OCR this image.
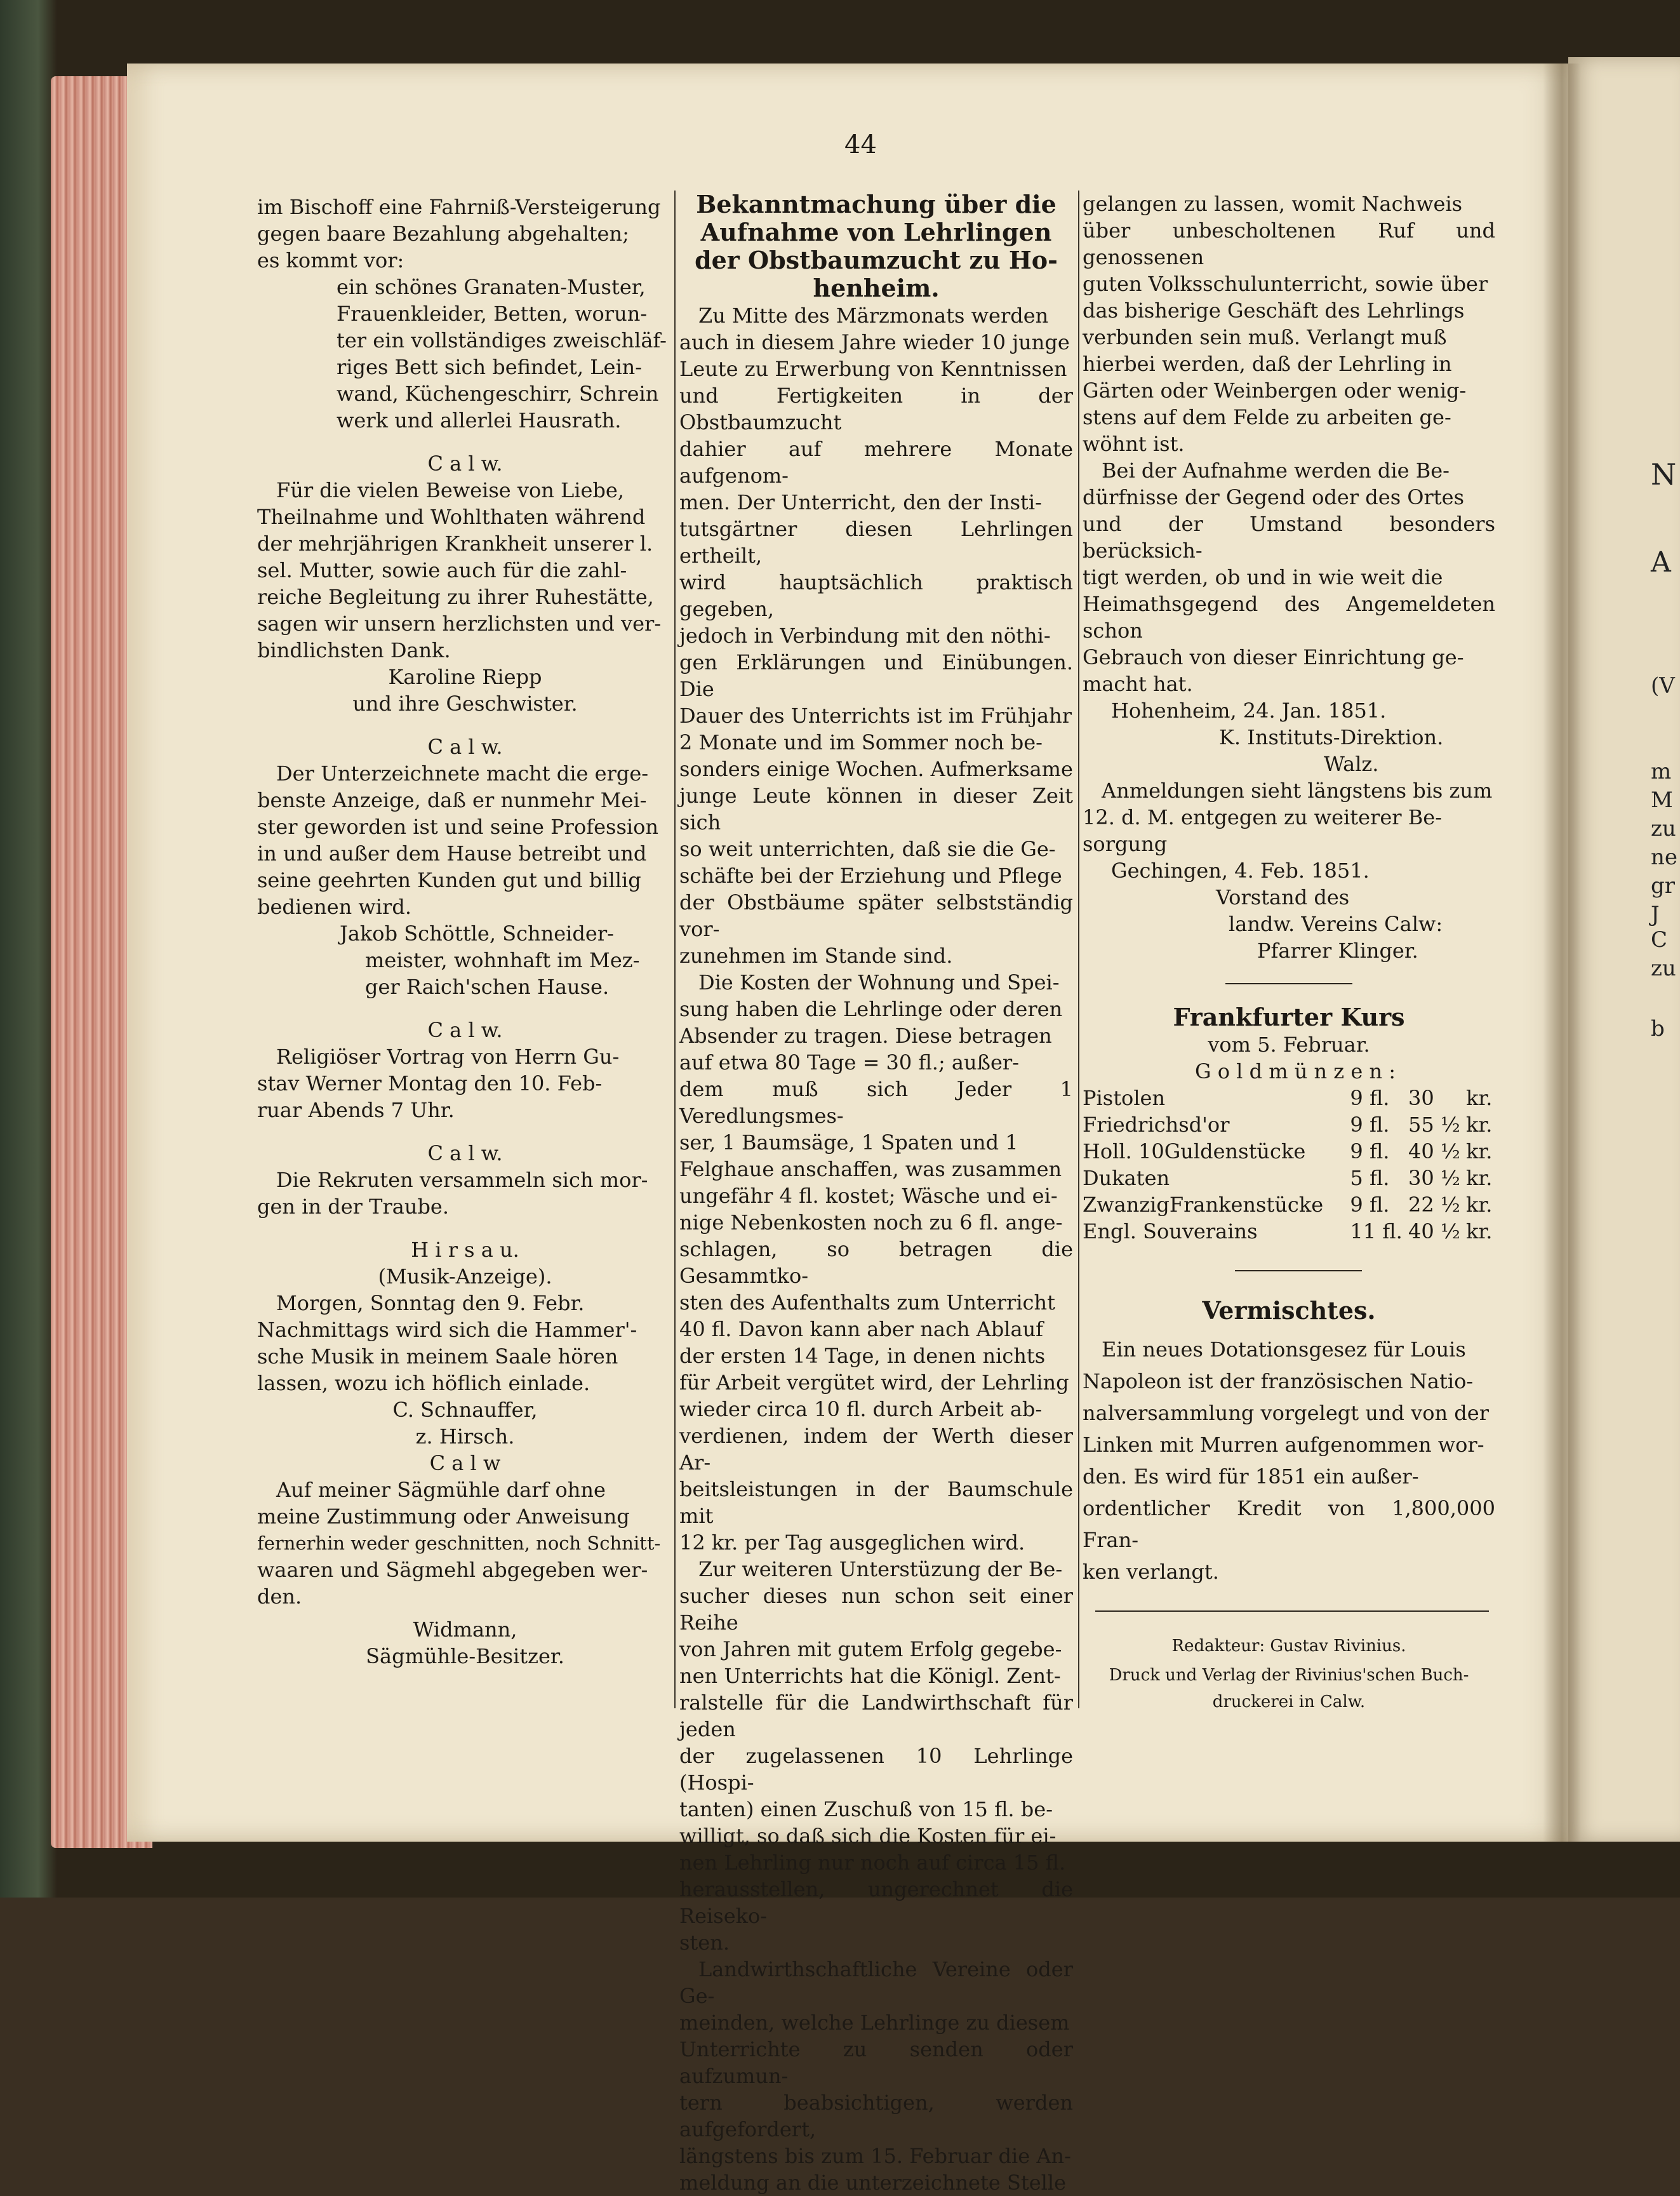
44
im Bischoff eine Fahrniß-Versteigerung
gegen baare Bezahlung abgehalten;
es kommt vor:
ein schönes Granaten-Muster,
Frauenkleider, Betten, worun-
ter ein vollständiges zweischläf-
riges Bett sich befindet, Lein-
wand, Küchengeschirr, Schrein
werk und allerlei Hausrath.
C a l w.
Für die vielen Beweise von Liebe,
Theilnahme und Wohlthaten während
der mehrjährigen Krankheit unserer l.
sel. Mutter, sowie auch für die zahl-
reiche Begleitung zu ihrer Ruhestätte,
sagen wir unsern herzlichsten und ver-
bindlichsten Dank.
Karoline Riepp
und ihre Geschwister.
C a l w.
Der Unterzeichnete macht die erge-
benste Anzeige, daß er nunmehr Mei-
ster geworden ist und seine Profession
in und außer dem Hause betreibt und
seine geehrten Kunden gut und billig
bedienen wird.
Jakob Schöttle, Schneider-
meister, wohnhaft im Mez-
ger Raich'schen Hause.
C a l w.
Religiöser Vortrag von Herrn Gu-
stav Werner Montag den 10. Feb-
ruar Abends 7 Uhr.
C a l w.
Die Rekruten versammeln sich mor-
gen in der Traube.
H i r s a u.
(Musik-Anzeige).
Morgen, Sonntag den 9. Febr.
Nachmittags wird sich die Hammer'-
sche Musik in meinem Saale hören
lassen, wozu ich höflich einlade.
C. Schnauffer,
z. Hirsch.
C a l w
Auf meiner Sägmühle darf ohne
meine Zustimmung oder Anweisung
fernerhin weder geschnitten, noch Schnitt-
waaren und Sägmehl abgegeben wer-
den.
Widmann,
Sägmühle-Besitzer.
Bekanntmachung über die
Aufnahme von Lehrlingen
der Obstbaumzucht zu Ho-
henheim.
Zu Mitte des Märzmonats werden
auch in diesem Jahre wieder 10 junge
Leute zu Erwerbung von Kenntnissen
und Fertigkeiten in der Obstbaumzucht
dahier auf mehrere Monate aufgenom-
men. Der Unterricht, den der Insti-
tutsgärtner diesen Lehrlingen ertheilt,
wird hauptsächlich praktisch gegeben,
jedoch in Verbindung mit den nöthi-
gen Erklärungen und Einübungen. Die
Dauer des Unterrichts ist im Frühjahr
2 Monate und im Sommer noch be-
sonders einige Wochen. Aufmerksame
junge Leute können in dieser Zeit sich
so weit unterrichten, daß sie die Ge-
schäfte bei der Erziehung und Pflege
der Obstbäume später selbstständig vor-
zunehmen im Stande sind.
Die Kosten der Wohnung und Spei-
sung haben die Lehrlinge oder deren
Absender zu tragen. Diese betragen
auf etwa 80 Tage = 30 fl.; außer-
dem muß sich Jeder 1 Veredlungsmes-
ser, 1 Baumsäge, 1 Spaten und 1
Felghaue anschaffen, was zusammen
ungefähr 4 fl. kostet; Wäsche und ei-
nige Nebenkosten noch zu 6 fl. ange-
schlagen, so betragen die Gesammtko-
sten des Aufenthalts zum Unterricht
40 fl. Davon kann aber nach Ablauf
der ersten 14 Tage, in denen nichts
für Arbeit vergütet wird, der Lehrling
wieder circa 10 fl. durch Arbeit ab-
verdienen, indem der Werth dieser Ar-
beitsleistungen in der Baumschule mit
12 kr. per Tag ausgeglichen wird.
Zur weiteren Unterstüzung der Be-
sucher dieses nun schon seit einer Reihe
von Jahren mit gutem Erfolg gegebe-
nen Unterrichts hat die Königl. Zent-
ralstelle für die Landwirthschaft für jeden
der zugelassenen 10 Lehrlinge (Hospi-
tanten) einen Zuschuß von 15 fl. be-
willigt, so daß sich die Kosten für ei-
nen Lehrling nur noch auf circa 15 fl.
herausstellen, ungerechnet die Reiseko-
sten.
Landwirthschaftliche Vereine oder Ge-
meinden, welche Lehrlinge zu diesem
Unterrichte zu senden oder aufzumun-
tern beabsichtigen, werden aufgefordert,
längstens bis zum 15. Februar die An-
meldung an die unterzeichnete Stelle
gelangen zu lassen, womit Nachweis
über unbescholtenen Ruf und genossenen
guten Volksschulunterricht, sowie über
das bisherige Geschäft des Lehrlings
verbunden sein muß. Verlangt muß
hierbei werden, daß der Lehrling in
Gärten oder Weinbergen oder wenig-
stens auf dem Felde zu arbeiten ge-
wöhnt ist.
Bei der Aufnahme werden die Be-
dürfnisse der Gegend oder des Ortes
und der Umstand besonders berücksich-
tigt werden, ob und in wie weit die
Heimathsgegend des Angemeldeten schon
Gebrauch von dieser Einrichtung ge-
macht hat.
Hohenheim, 24. Jan. 1851.
K. Instituts-Direktion.
Walz.
Anmeldungen sieht längstens bis zum
12. d. M. entgegen zu weiterer Be-
sorgung
Gechingen, 4. Feb. 1851.
Vorstand des
landw. Vereins Calw:
Pfarrer Klinger.
Frankfurter Kurs
vom 5. Februar.
G o l d m ü n z e n :
Pistolen	9 fl.	30	kr.
Friedrichsd'or	9 fl.	55 ½	kr.
Holl. 10Guldenstücke	9 fl.	40 ½	kr.
Dukaten	5 fl.	30 ½	kr.
ZwanzigFrankenstücke	9 fl.	22 ½	kr.
Engl. Souverains	11 fl.	40 ½	kr.
Vermischtes.
Ein neues Dotationsgesez für Louis
Napoleon ist der französischen Natio-
nalversammlung vorgelegt und von der
Linken mit Murren aufgenommen wor-
den. Es wird für 1851 ein außer-
ordentlicher Kredit von 1,800,000 Fran-
ken verlangt.
Redakteur: Gustav Rivinius.
Druck und Verlag der Rivinius'schen Buch-
druckerei in Calw.
N
A
(V
m
M
zu
ne
gr
J
C
zu
b
